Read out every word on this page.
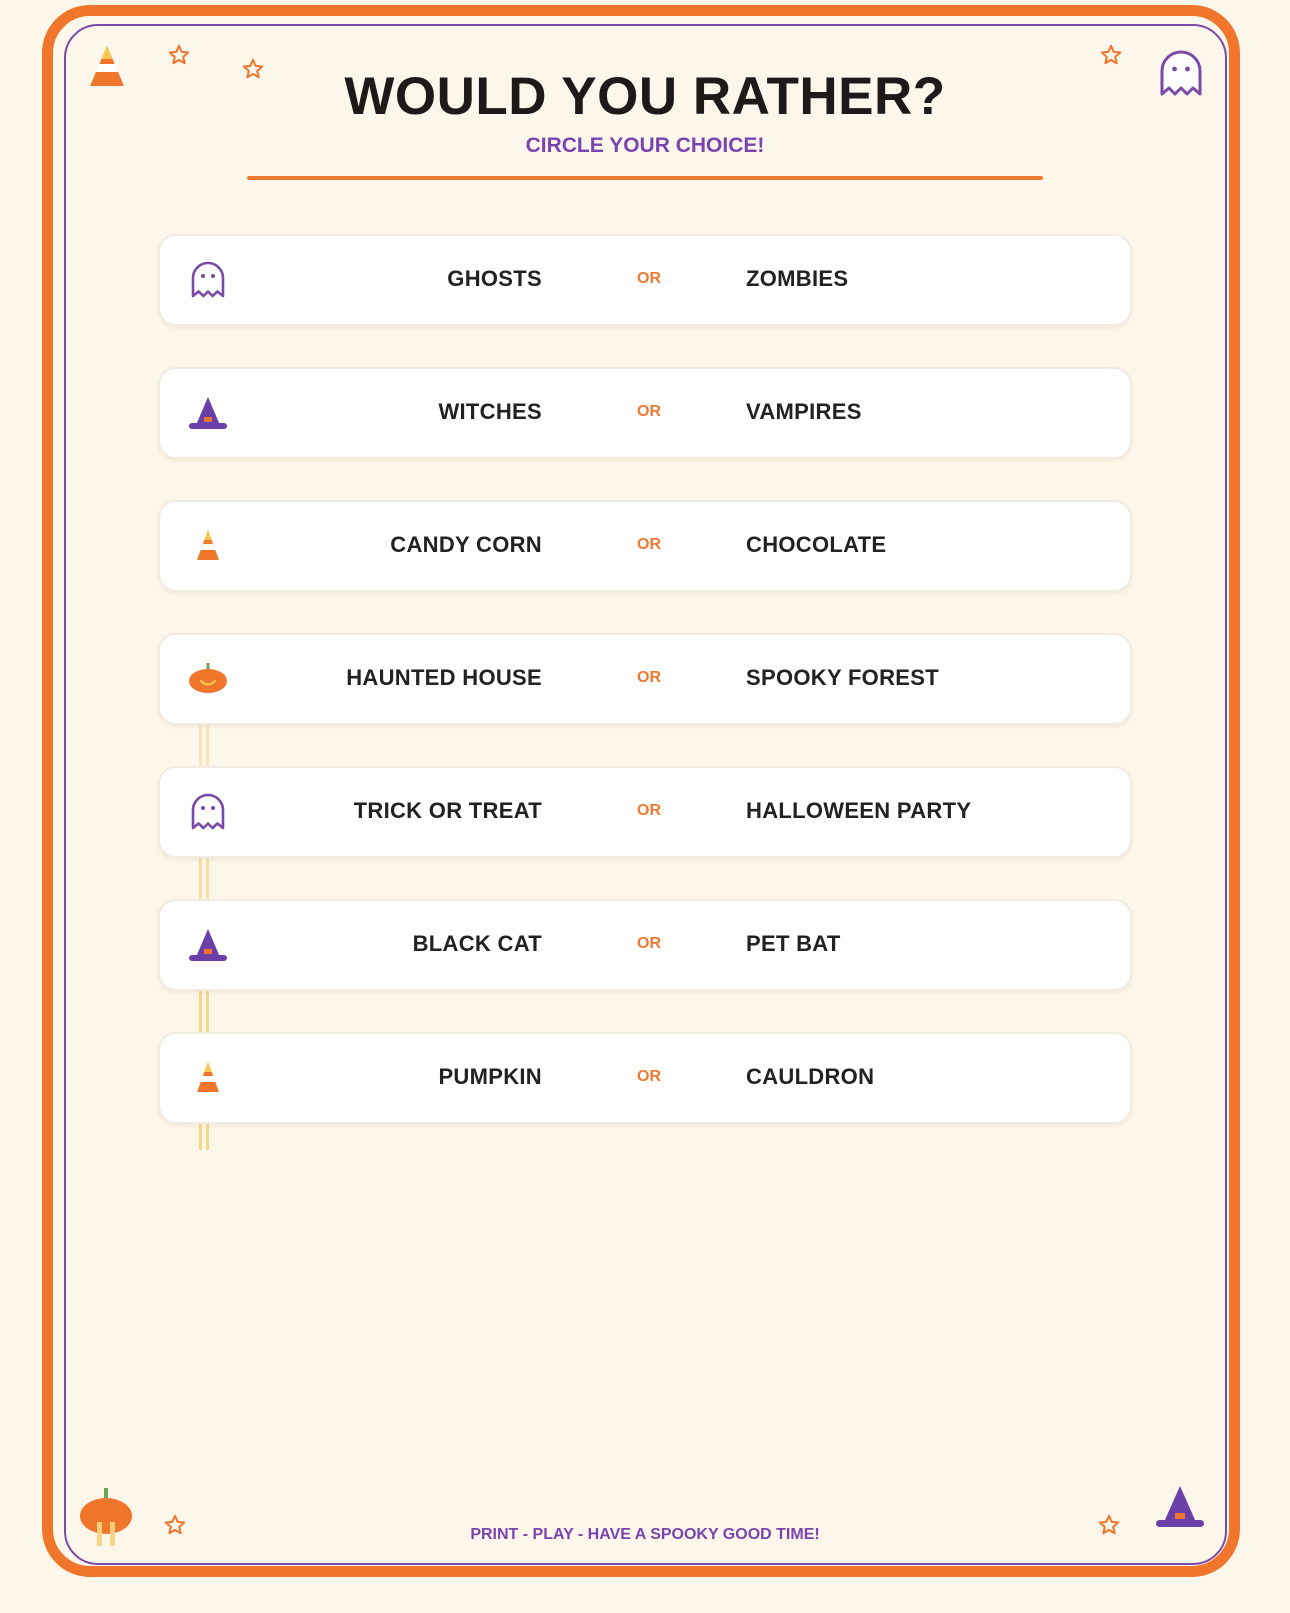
WOULD YOU RATHER?
CIRCLE YOUR CHOICE!
GHOSTS	OR	ZOMBIES
WITCHES	OR	VAMPIRES
CANDY CORN	OR	CHOCOLATE
HAUNTED HOUSE	OR	SPOOKY FOREST
TRICK OR TREAT	OR	HALLOWEEN PARTY
BLACK CAT	OR	PET BAT
PUMPKIN	OR	CAULDRON
PRINT - PLAY - HAVE A SPOOKY GOOD TIME!
